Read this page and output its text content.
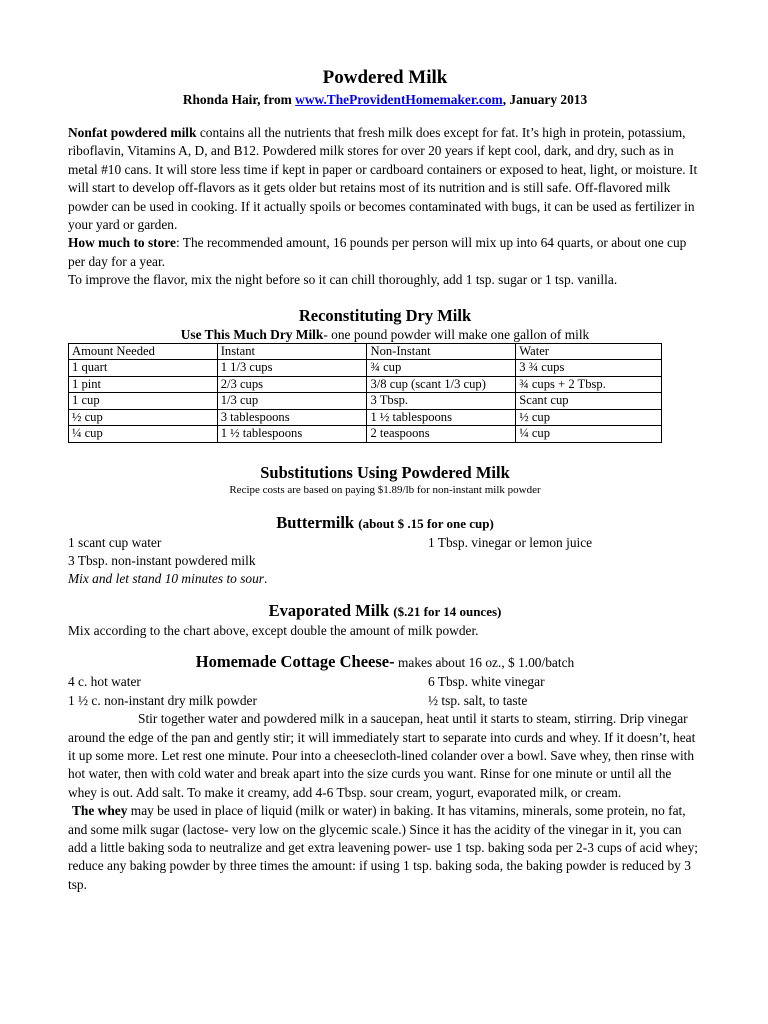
Powdered Milk
Rhonda Hair, from www.TheProvidentHomemaker.com, January 2013

Nonfat powdered milk contains all the nutrients that fresh milk does except for fat. It’s high in protein, potassium, riboflavin, Vitamins A, D, and B12. Powdered milk stores for over 20 years if kept cool, dark, and dry, such as in metal #10 cans. It will store less time if kept in paper or cardboard containers or exposed to heat, light, or moisture. It will start to develop off-flavors as it gets older but retains most of its nutrition and is still safe. Off-flavored milk powder can be used in cooking. If it actually spoils or becomes contaminated with bugs, it can be used as fertilizer in your yard or garden.

How much to store: The recommended amount, 16 pounds per person will mix up into 64 quarts, or about one cup per day for a year.

To improve the flavor, mix the night before so it can chill thoroughly, add 1 tsp. sugar or 1 tsp. vanilla.

Reconstituting Dry Milk
Use This Much Dry Milk- one pound powder will make one gallon of milk
Amount Needed	Instant	Non-Instant	Water
1 quart	1 1/3 cups	¾ cup	3 ¾ cups
1 pint	2/3 cups	3/8 cup (scant 1/3 cup)	¾ cups + 2 Tbsp.
1 cup	1/3 cup	3 Tbsp.	Scant cup
½ cup	3 tablespoons	1 ½ tablespoons	½ cup
¼ cup	1 ½ tablespoons	2 teaspoons	¼ cup
Substitutions Using Powdered Milk
Recipe costs are based on paying $1.89/lb for non-instant milk powder
Buttermilk (about $ .15 for one cup)
1 scant cup water	1 Tbsp. vinegar or lemon juice

3 Tbsp. non-instant powdered milk

Mix and let stand 10 minutes to sour.

Evaporated Milk ($.21 for 14 ounces)

Mix according to the chart above, except double the amount of milk powder.

Homemade Cottage Cheese- makes about 16 oz., $ 1.00/batch
4 c. hot water	6 Tbsp. white vinegar
1 ½ c. non-instant dry milk powder	½ tsp. salt, to taste

Stir together water and powdered milk in a saucepan, heat until it starts to steam, stirring. Drip vinegar around the edge of the pan and gently stir; it will immediately start to separate into curds and whey. If it doesn’t, heat it up some more. Let rest one minute. Pour into a cheesecloth-lined colander over a bowl. Save whey, then rinse with hot water, then with cold water and break apart into the size curds you want. Rinse for one minute or until all the whey is out. Add salt. To make it creamy, add 4-6 Tbsp. sour cream, yogurt, evaporated milk, or cream.

The whey may be used in place of liquid (milk or water) in baking. It has vitamins, minerals, some protein, no fat, and some milk sugar (lactose- very low on the glycemic scale.) Since it has the acidity of the vinegar in it, you can add a little baking soda to neutralize and get extra leavening power- use 1 tsp. baking soda per 2-3 cups of acid whey; reduce any baking powder by three times the amount: if using 1 tsp. baking soda, the baking powder is reduced by 3 tsp.
